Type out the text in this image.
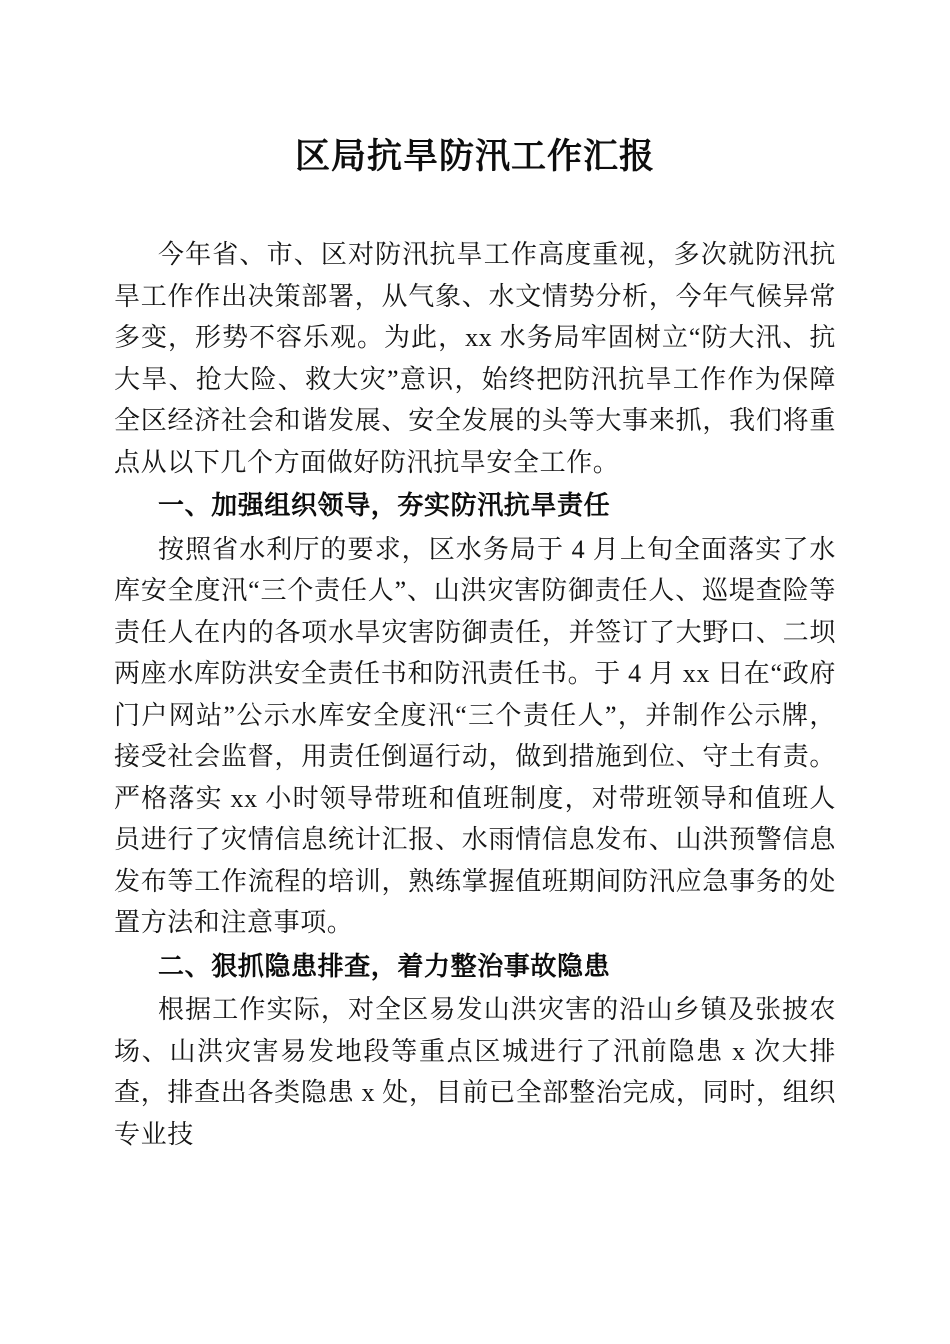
区局抗旱防汛工作汇报

今年省、市、区对防汛抗旱工作高度重视，多次就防汛抗旱工作作出决策部署，从气象、水文情势分析，今年气候异常多变，形势不容乐观。为此，xx 水务局牢固树立“防大汛、抗大旱、抢大险、救大灾”意识，始终把防汛抗旱工作作为保障全区经济社会和谐发展、安全发展的头等大事来抓，我们将重点从以下几个方面做好防汛抗旱安全工作。

一、加强组织领导，夯实防汛抗旱责任

按照省水利厅的要求，区水务局于 4 月上旬全面落实了水库安全度汛“三个责任人”、山洪灾害防御责任人、巡堤查险等责任人在内的各项水旱灾害防御责任，并签订了大野口、二坝两座水库防洪安全责任书和防汛责任书。于 4 月 xx 日在“政府门户网站”公示水库安全度汛“三个责任人”，并制作公示牌，接受社会监督，用责任倒逼行动，做到措施到位、守土有责。严格落实 xx 小时领导带班和值班制度，对带班领导和值班人员进行了灾情信息统计汇报、水雨情信息发布、山洪预警信息发布等工作流程的培训，熟练掌握值班期间防汛应急事务的处置方法和注意事项。

二、狠抓隐患排查，着力整治事故隐患

根据工作实际，对全区易发山洪灾害的沿山乡镇及张披农场、山洪灾害易发地段等重点区城进行了汛前隐患 x 次大排查，排查出各类隐患 x 处，目前已全部整治完成，同时，组织专业技
